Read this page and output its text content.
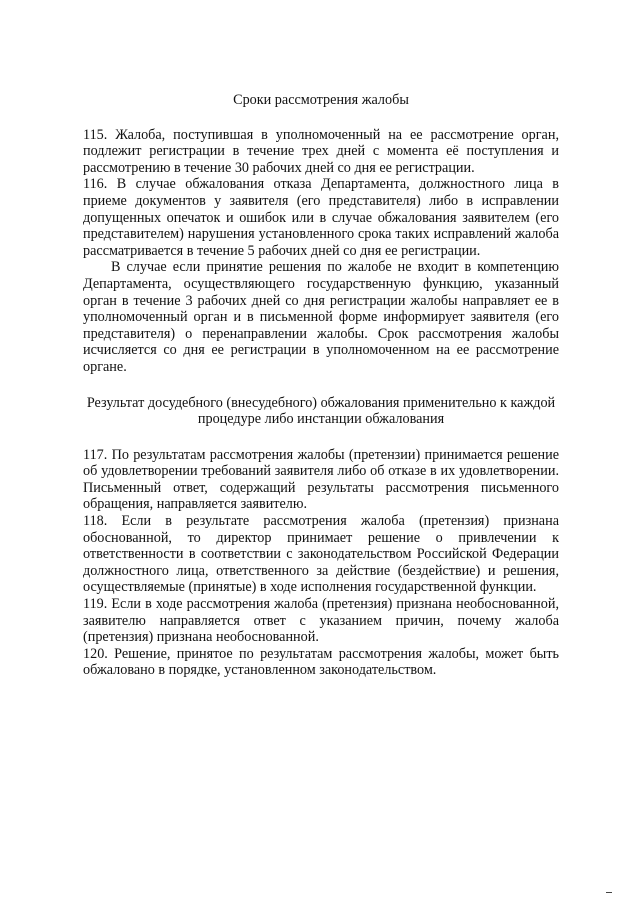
Сроки рассмотрения жалобы

115. Жалоба, поступившая в уполномоченный на ее рассмотрение орган, подлежит регистрации в течение трех дней с момента её поступления и рассмотрению в течение 30 рабочих дней со дня ее регистрации.

116. В случае обжалования отказа Департамента, должностного лица в приеме документов у заявителя (его представителя) либо в исправлении допущенных опечаток и ошибок или в случае обжалования заявителем (его представителем) нарушения установленного срока таких исправлений жалоба рассматривается в течение 5 рабочих дней со дня ее регистрации.

В случае если принятие решения по жалобе не входит в компетенцию Департамента, осуществляющего государственную функцию, указанный орган в течение 3 рабочих дней со дня регистрации жалобы направляет ее в уполномоченный орган и в письменной форме информирует заявителя (его представителя) о перенаправлении жалобы. Срок рассмотрения жалобы исчисляется со дня ее регистрации в уполномоченном на ее рассмотрение органе.

Результат досудебного (внесудебного) обжалования применительно к каждой процедуре либо инстанции обжалования

117. По результатам рассмотрения жалобы (претензии) принимается решение об удовлетворении требований заявителя либо об отказе в их удовлетворении. Письменный ответ, содержащий результаты рассмотрения письменного обращения, направляется заявителю.

118. Если в результате рассмотрения жалоба (претензия) признана обоснованной, то директор принимает решение о привлечении к ответственности в соответствии с законодательством Российской Федерации должностного лица, ответственного за действие (бездействие) и решения, осуществляемые (принятые) в ходе исполнения государственной функции.

119. Если в ходе рассмотрения жалоба (претензия) признана необоснованной, заявителю направляется ответ с указанием причин, почему жалоба (претензия) признана необоснованной.

120. Решение, принятое по результатам рассмотрения жалобы, может быть обжаловано в порядке, установленном законодательством.
